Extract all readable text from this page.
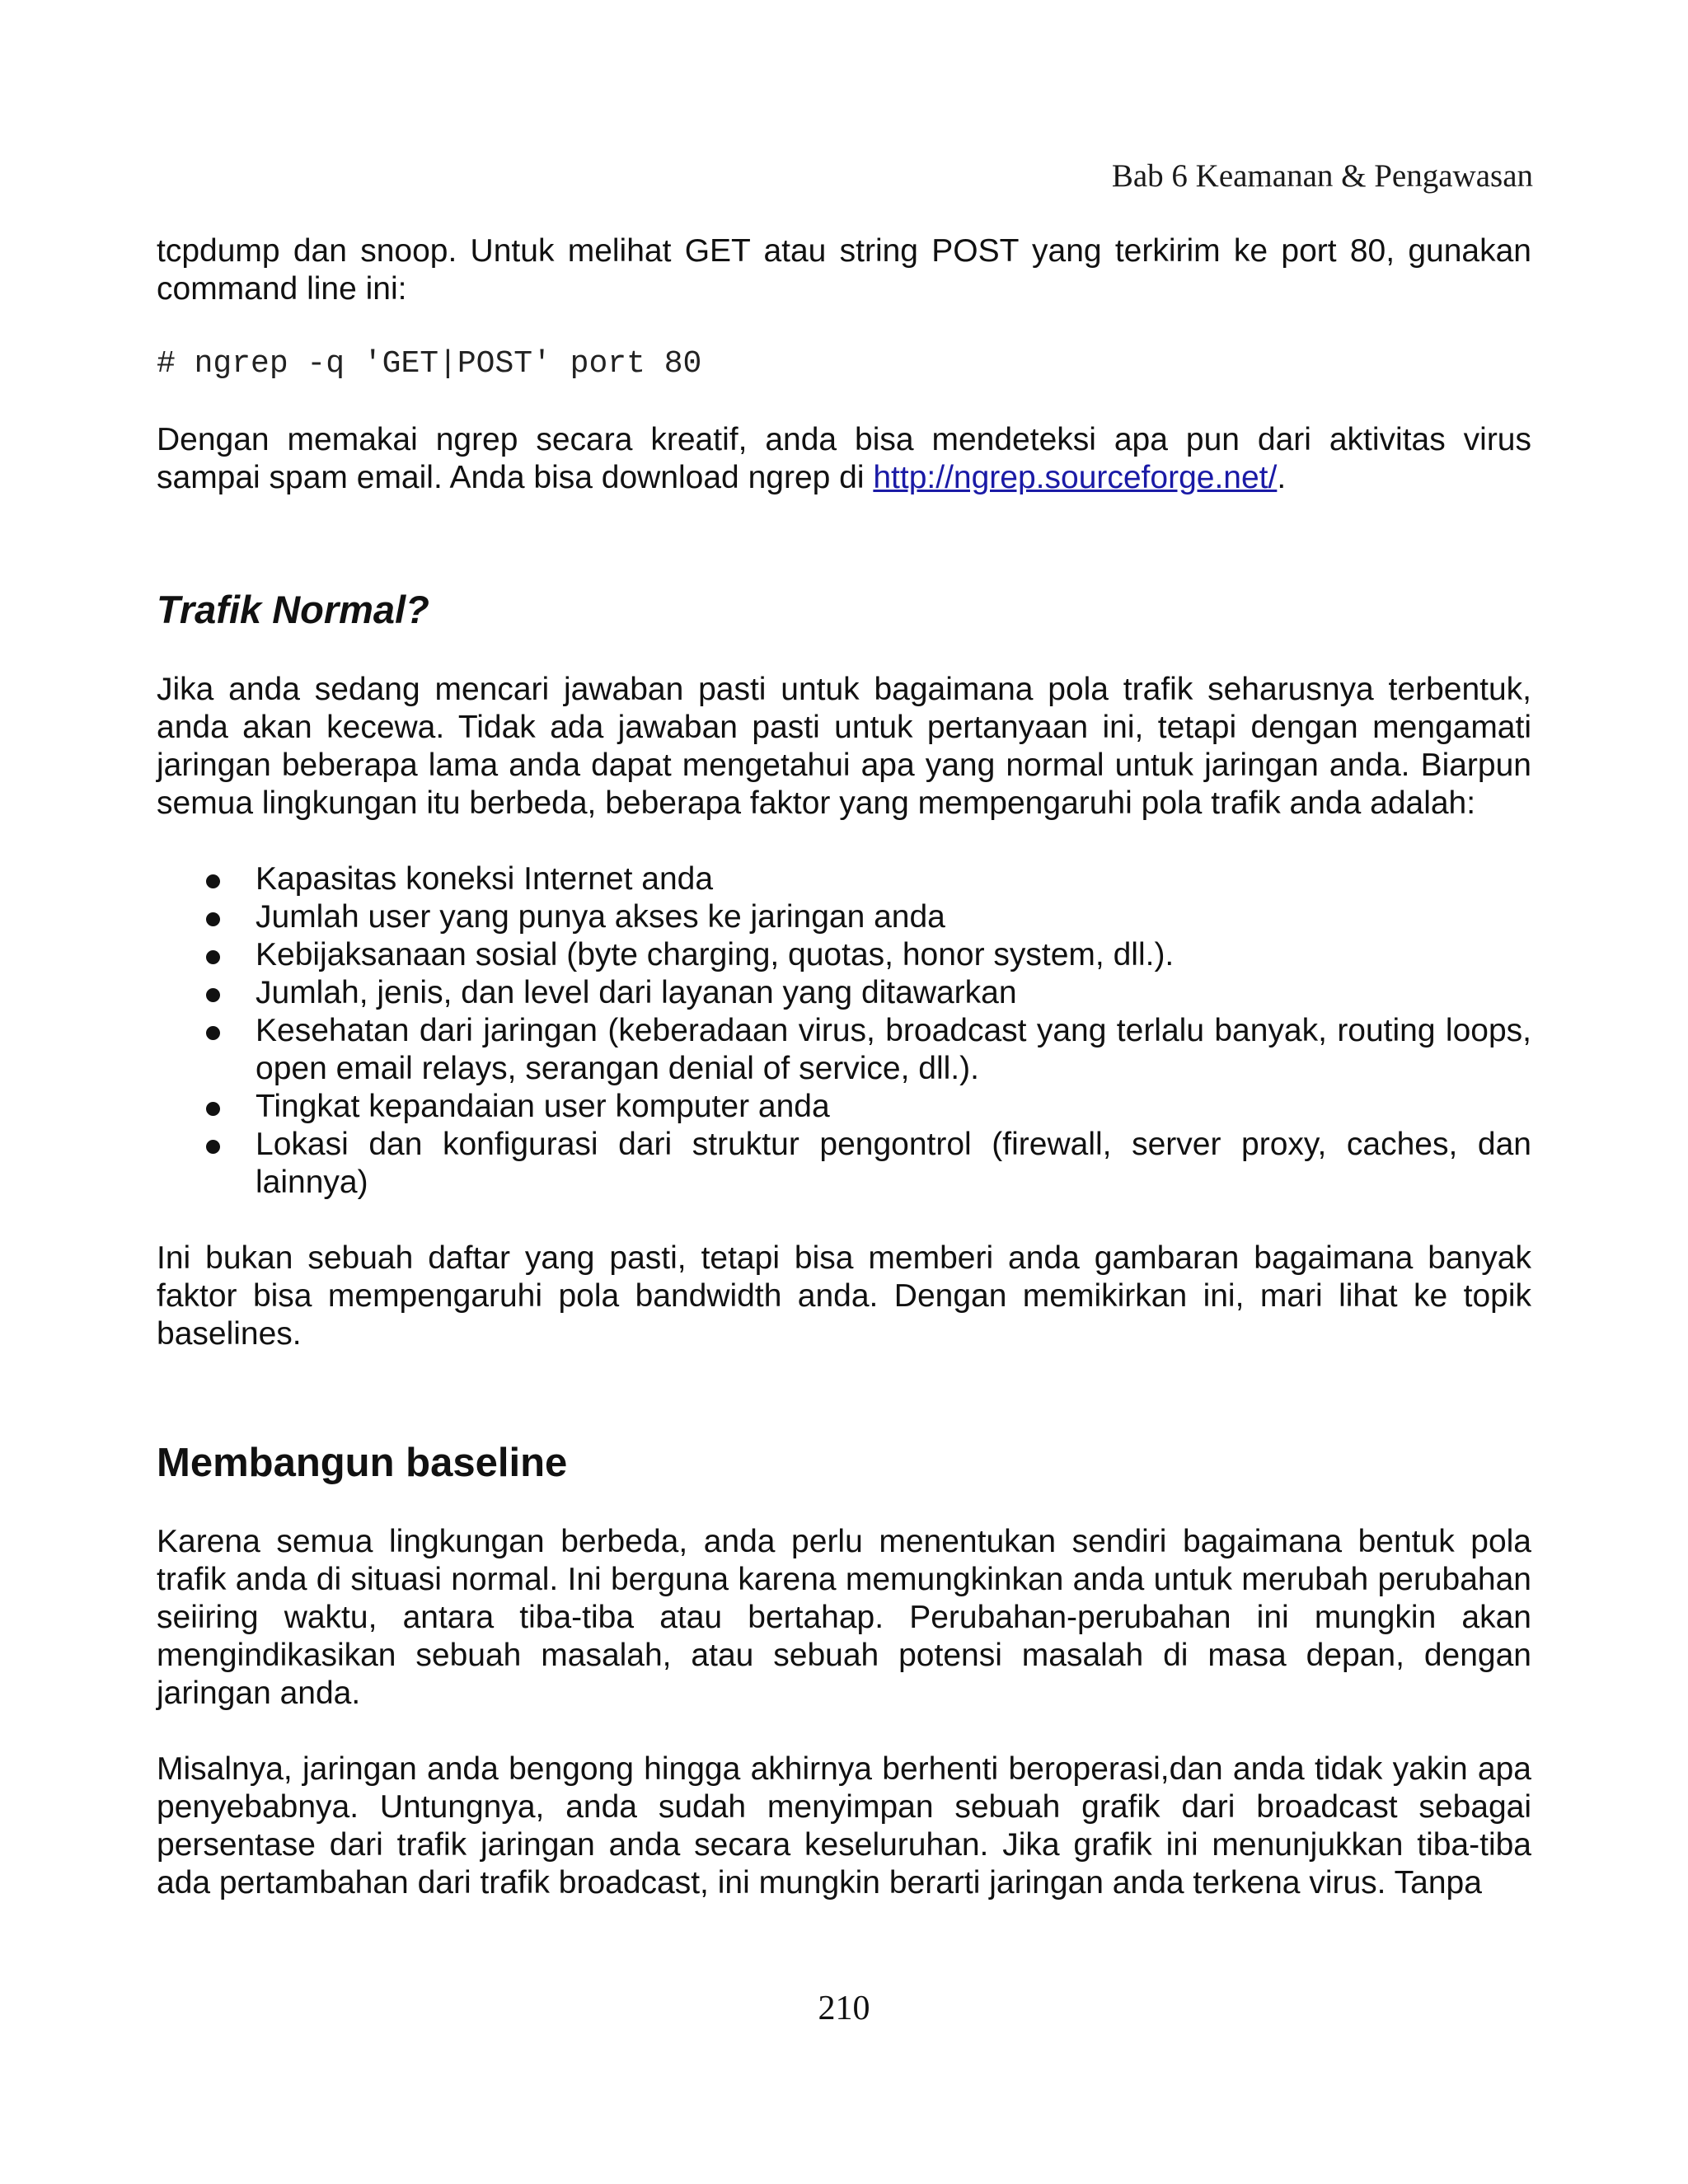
Bab 6 Keamanan & Pengawasan

tcpdump dan snoop. Untuk melihat GET atau string POST yang terkirim ke port 80, gunakan command line ini:

# ngrep -q 'GET|POST' port 80

Dengan memakai ngrep secara kreatif, anda bisa mendeteksi apa pun dari aktivitas virus sampai spam email. Anda bisa download ngrep di http://ngrep.sourceforge.net/.

Trafik Normal?

Jika anda sedang mencari jawaban pasti untuk bagaimana pola trafik seharusnya terbentuk, anda akan kecewa. Tidak ada jawaban pasti untuk pertanyaan ini, tetapi dengan mengamati jaringan beberapa lama anda dapat mengetahui apa yang normal untuk jaringan anda. Biarpun semua lingkungan itu berbeda, beberapa faktor yang mempengaruhi pola trafik anda adalah:

Kapasitas koneksi Internet anda
Jumlah user yang punya akses ke jaringan anda
Kebijaksanaan sosial (byte charging, quotas, honor system, dll.).
Jumlah, jenis, dan level dari layanan yang ditawarkan
Kesehatan dari jaringan (keberadaan virus, broadcast yang terlalu banyak, routing loops, open email relays, serangan denial of service, dll.).
Tingkat kepandaian user komputer anda
Lokasi dan konfigurasi dari struktur pengontrol (firewall, server proxy, caches, dan lainnya)

Ini bukan sebuah daftar yang pasti, tetapi bisa memberi anda gambaran bagaimana banyak faktor bisa mempengaruhi pola bandwidth anda. Dengan memikirkan ini, mari lihat ke topik baselines.

Membangun baseline

Karena semua lingkungan berbeda, anda perlu menentukan sendiri bagaimana bentuk pola trafik anda di situasi normal. Ini berguna karena memungkinkan anda untuk merubah perubahan seiiring waktu, antara tiba-tiba atau bertahap. Perubahan-perubahan ini mungkin akan mengindikasikan sebuah masalah, atau sebuah potensi masalah di masa depan, dengan jaringan anda.

Misalnya, jaringan anda bengong hingga akhirnya berhenti beroperasi,dan anda tidak yakin apa penyebabnya. Untungnya, anda sudah menyimpan sebuah grafik dari broadcast sebagai persentase dari trafik jaringan anda secara keseluruhan. Jika grafik ini menunjukkan tiba-tiba ada pertambahan dari trafik broadcast, ini mungkin berarti jaringan anda terkena virus. Tanpa

210
